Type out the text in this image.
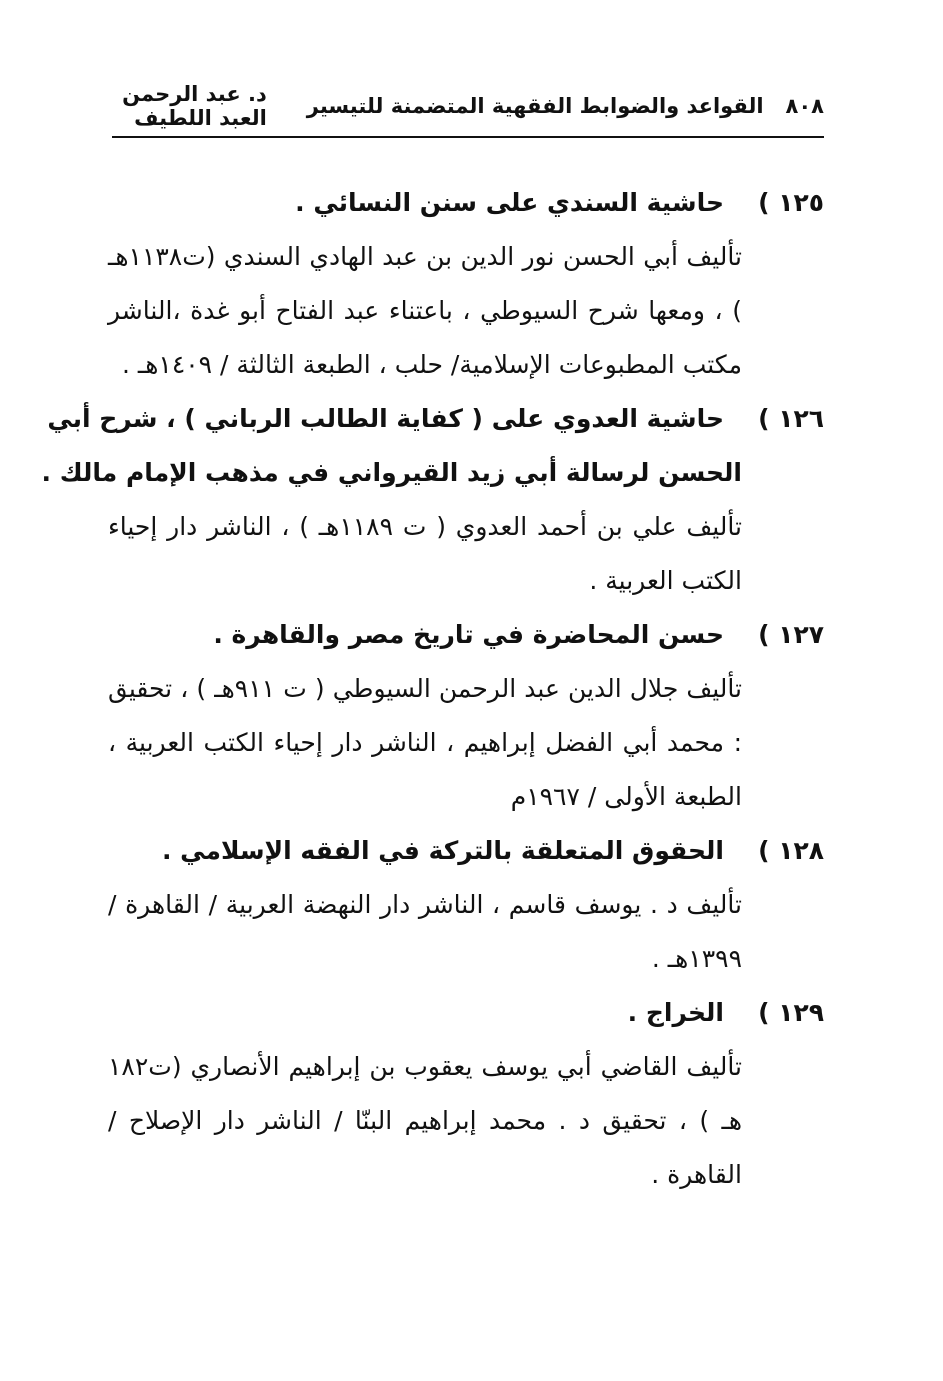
٨٠٨
القواعد والضوابط الفقهية المتضمنة للتيسير
د. عبد الرحمن العبد اللطيف
١٢٥ )حاشية السندي على سنن النسائي .
تأليف أبي الحسن نور الدين بن عبد الهادي السندي (ت١١٣٨هـ ) ، ومعها شرح السيوطي ، باعتناء عبد الفتاح أبو غدة ،الناشر مكتب المطبوعات الإسلامية/ حلب ، الطبعة الثالثة / ١٤٠٩هـ .
١٢٦ )حاشية العدوي على ( كفاية الطالب الرباني ) ، شرح أبي
الحسن لرسالة أبي زيد القيرواني في مذهب الإمام مالك .
تأليف علي بن أحمد العدوي ( ت ١١٨٩هـ ) ، الناشر دار إحياء الكتب العربية .
١٢٧ )حسن المحاضرة في تاريخ مصر والقاهرة .
تأليف جلال الدين عبد الرحمن السيوطي ( ت ٩١١هـ ) ، تحقيق : محمد أبي الفضل إبراهيم ، الناشر دار إحياء الكتب العربية ، الطبعة الأولى / ١٩٦٧م
١٢٨ )الحقوق المتعلقة بالتركة في الفقه الإسلامي .
تأليف د . يوسف قاسم ، الناشر دار النهضة العربية / القاهرة / ١٣٩٩هـ .
١٢٩ )الخراج .
تأليف القاضي أبي يوسف يعقوب بن إبراهيم الأنصاري (ت١٨٢ هـ ) ، تحقيق د . محمد إبراهيم البنّا / الناشر دار الإصلاح / القاهرة .
